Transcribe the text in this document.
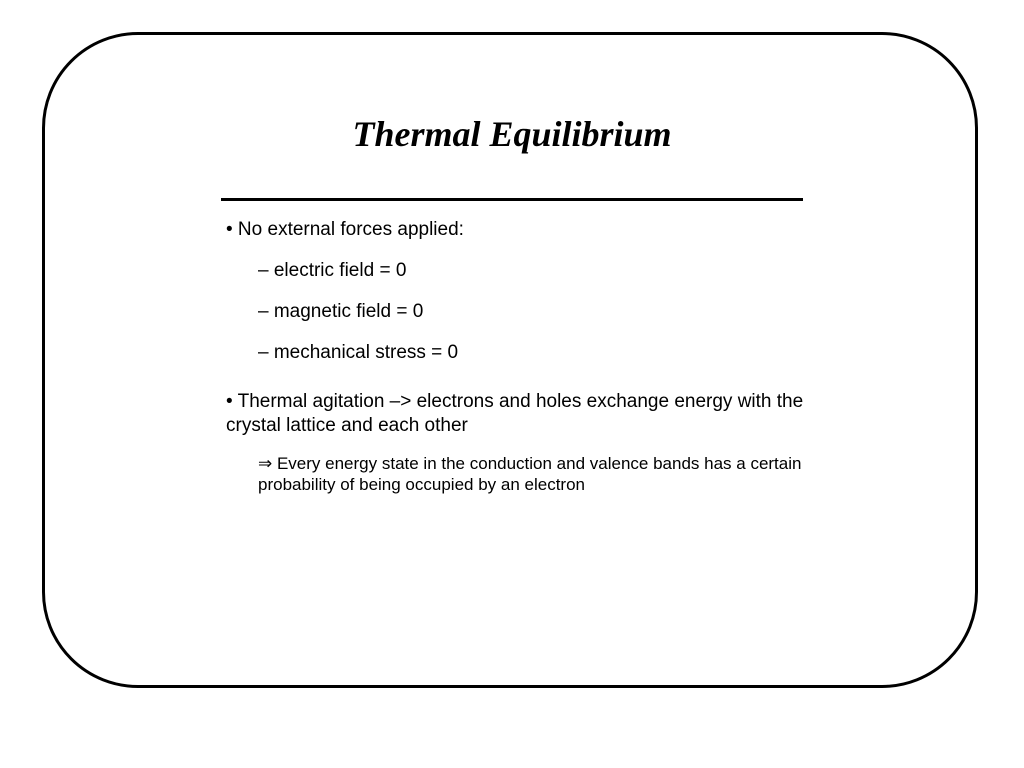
Thermal Equilibrium

• No external forces applied:

– electric field = 0

– magnetic field = 0

– mechanical stress = 0

• Thermal agitation –> electrons and holes exchange energy with the crystal lattice and each other

⇒ Every energy state in the conduction and valence bands has a certain probability of being occupied by an electron
